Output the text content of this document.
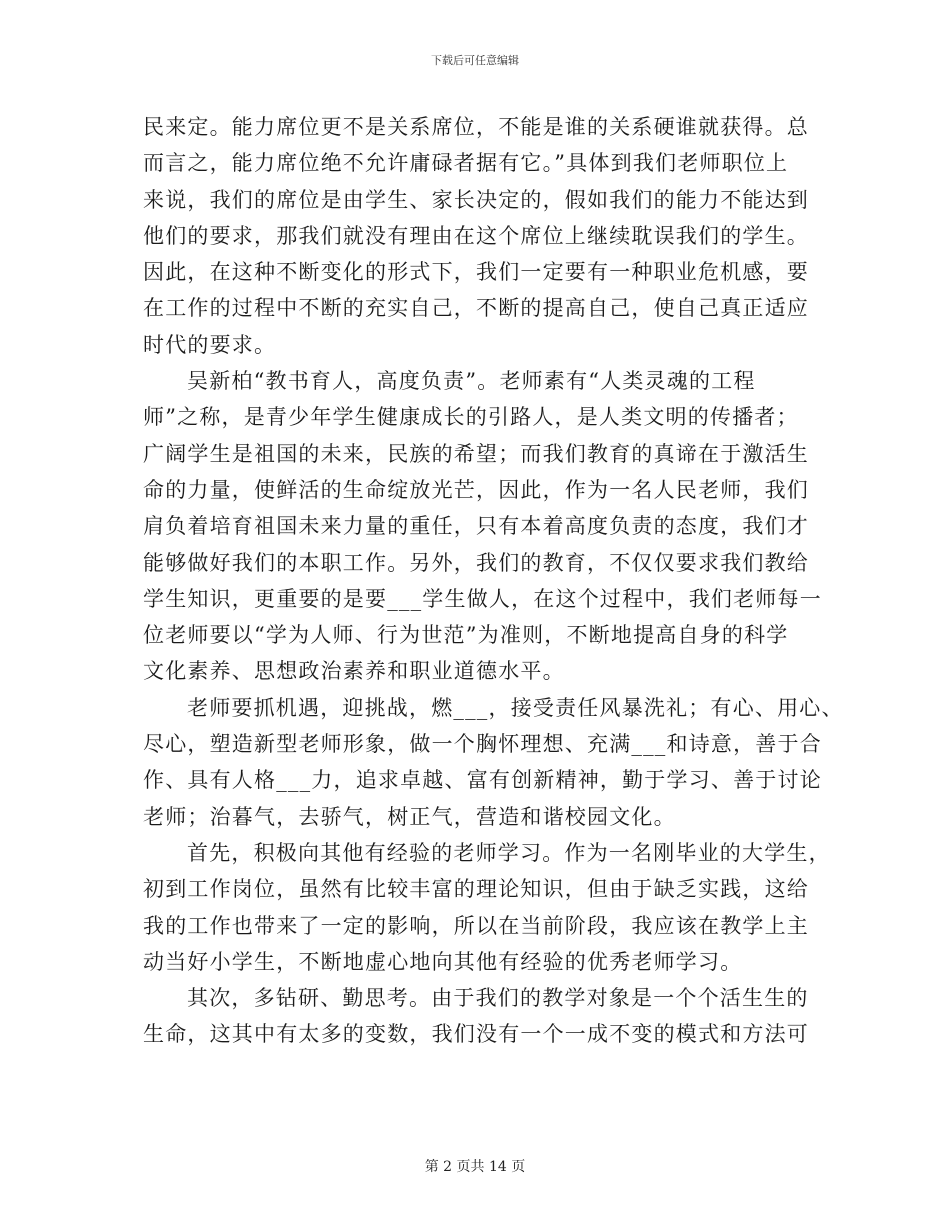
下载后可任意编辑
民来定。能力席位更不是关系席位，不能是谁的关系硬谁就获得。总
而言之，能力席位绝不允许庸碌者据有它。”具体到我们老师职位上
来说，我们的席位是由学生、家长决定的，假如我们的能力不能达到
他们的要求，那我们就没有理由在这个席位上继续耽误我们的学生。
因此，在这种不断变化的形式下，我们一定要有一种职业危机感，要
在工作的过程中不断的充实自己，不断的提高自己，使自己真正适应
时代的要求。
吴新柏“教书育人，高度负责”。老师素有“人类灵魂的工程
师”之称，是青少年学生健康成长的引路人，是人类文明的传播者；
广阔学生是祖国的未来，民族的希望；而我们教育的真谛在于激活生
命的力量，使鲜活的生命绽放光芒，因此，作为一名人民老师，我们
肩负着培育祖国未来力量的重任，只有本着高度负责的态度，我们才
能够做好我们的本职工作。另外，我们的教育，不仅仅要求我们教给
学生知识，更重要的是要___学生做人，在这个过程中，我们老师每一
位老师要以“学为人师、行为世范”为准则，不断地提高自身的科学
文化素养、思想政治素养和职业道德水平。
老师要抓机遇，迎挑战，燃___，接受责任风暴洗礼；有心、用心、
尽心，塑造新型老师形象，做一个胸怀理想、充满___和诗意，善于合
作、具有人格___力，追求卓越、富有创新精神，勤于学习、善于讨论
老师；治暮气，去骄气，树正气，营造和谐校园文化。
首先，积极向其他有经验的老师学习。作为一名刚毕业的大学生，
初到工作岗位，虽然有比较丰富的理论知识，但由于缺乏实践，这给
我的工作也带来了一定的影响，所以在当前阶段，我应该在教学上主
动当好小学生，不断地虚心地向其他有经验的优秀老师学习。
其次，多钻研、勤思考。由于我们的教学对象是一个个活生生的
生命，这其中有太多的变数，我们没有一个一成不变的模式和方法可
第 2 页共 14 页
